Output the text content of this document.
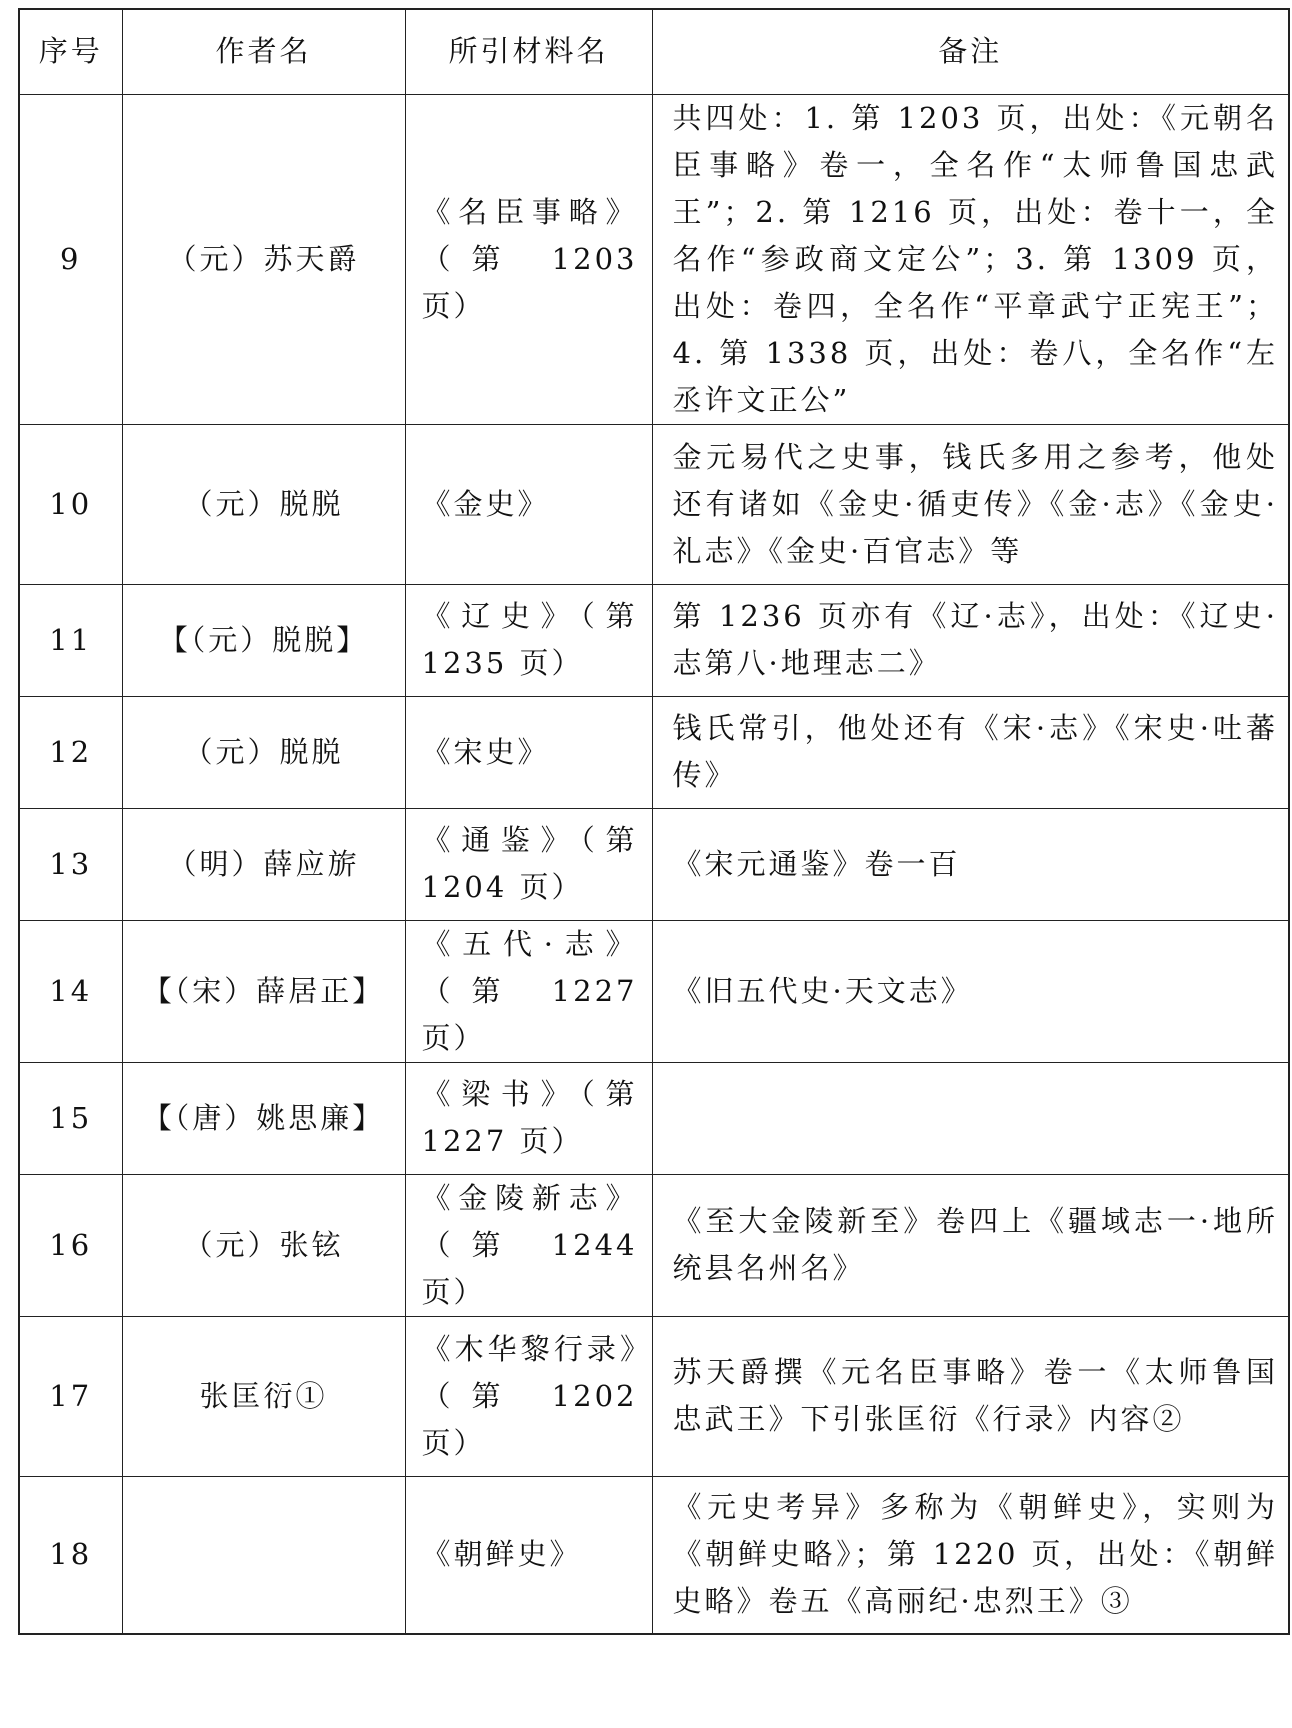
序号	作者名	所引材料名	备注
9	（元）苏天爵	《名臣事略》（第 1203 页）	共四处：1. 第 1203 页，出处：《元朝名臣事略》卷一，全名作“太师鲁国忠武王”；2. 第 1216 页，出处：卷十一，全名作“参政商文定公”；3. 第 1309 页，出处：卷四，全名作“平章武宁正宪王”；4. 第 1338 页，出处：卷八，全名作“左丞许文正公”
10	（元）脱脱	《金史》	金元易代之史事，钱氏多用之参考，他处还有诸如《金史·循吏传》《金·志》《金史·礼志》《金史·百官志》等
11	【（元）脱脱】	《辽史》（第 1235 页）	第 1236 页亦有《辽·志》，出处：《辽史·志第八·地理志二》
12	（元）脱脱	《宋史》	钱氏常引，他处还有《宋·志》《宋史·吐蕃传》
13	（明）薛应旂	《通鉴》（第 1204 页）	《宋元通鉴》卷一百
14	【（宋）薛居正】	《五代·志》（第 1227 页）	《旧五代史·天文志》
15	【（唐）姚思廉】	《梁书》（第 1227 页）	
16	（元）张铉	《金陵新志》（第 1244 页）	《至大金陵新至》卷四上《疆域志一·地所统县名州名》
17	张匡衍①	《木华黎行录》（第 1202 页）	苏天爵撰《元名臣事略》卷一《太师鲁国忠武王》下引张匡衍《行录》内容②
18		《朝鲜史》	《元史考异》多称为《朝鲜史》，实则为《朝鲜史略》；第 1220 页，出处：《朝鲜史略》卷五《高丽纪·忠烈王》③
